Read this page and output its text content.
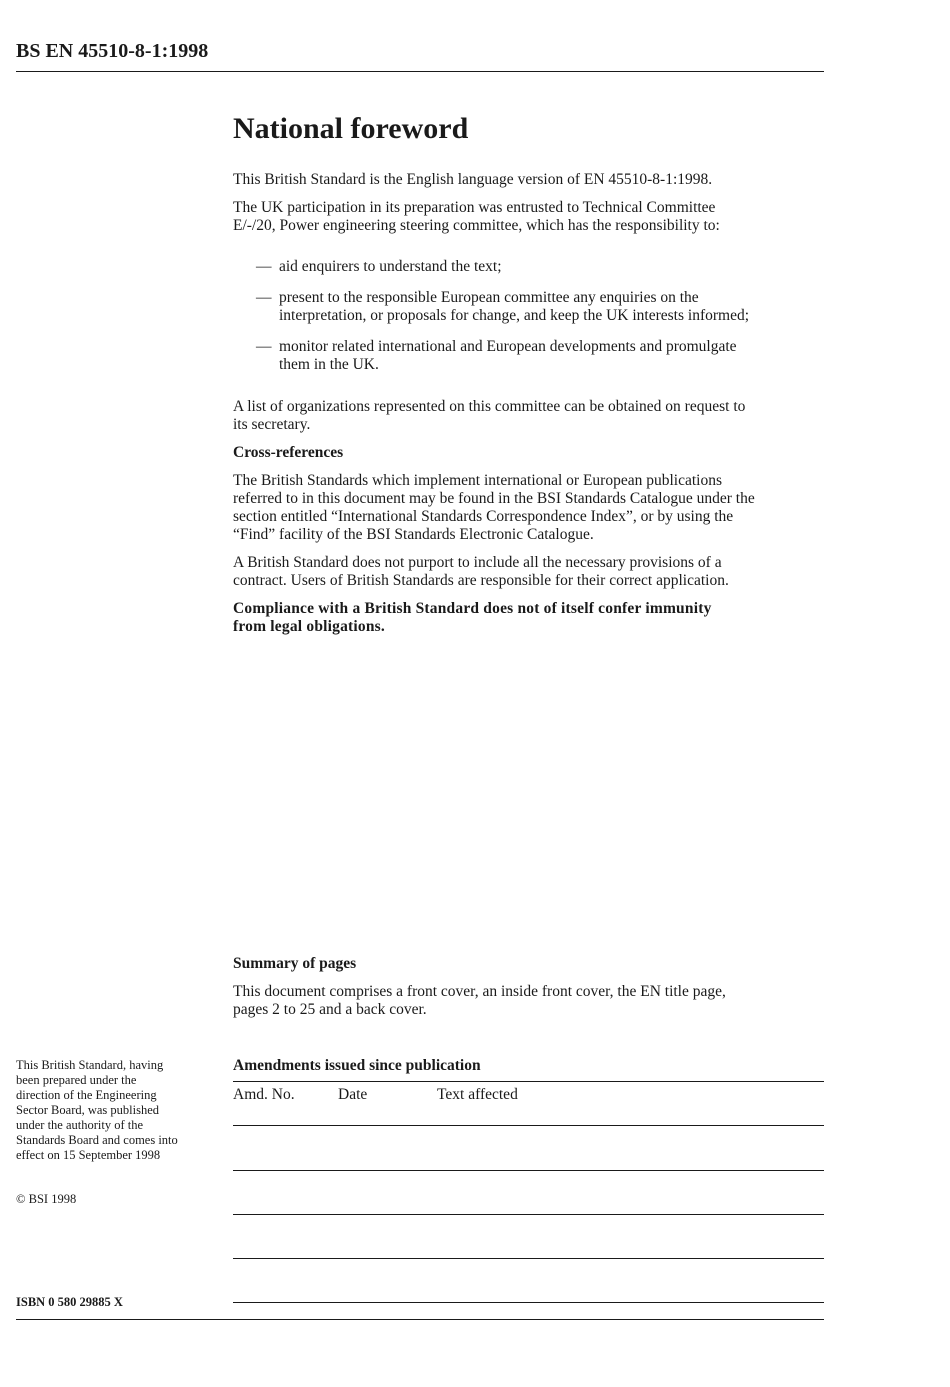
BS EN 45510-8-1:1998
National foreword
This British Standard is the English language version of EN 45510-8-1:1998.
The UK participation in its preparation was entrusted to Technical Committee
E/-/20, Power engineering steering committee, which has the responsibility to:
— aid enquirers to understand the text;
— present to the responsible European committee any enquiries on the
interpretation, or proposals for change, and keep the UK interests informed;
— monitor related international and European developments and promulgate
them in the UK.
A list of organizations represented on this committee can be obtained on request to
its secretary.
Cross-references
The British Standards which implement international or European publications
referred to in this document may be found in the BSI Standards Catalogue under the
section entitled “International Standards Correspondence Index”, or by using the
“Find” facility of the BSI Standards Electronic Catalogue.
A British Standard does not purport to include all the necessary provisions of a
contract. Users of British Standards are responsible for their correct application.
Compliance with a British Standard does not of itself confer immunity
from legal obligations.
Summary of pages
This document comprises a front cover, an inside front cover, the EN title page,
pages 2 to 25 and a back cover.
Amendments issued since publication
Amd. No.	Date	Text affected
This British Standard, having
been prepared under the
direction of the Engineering
Sector Board, was published
under the authority of the
Standards Board and comes into
effect on 15 September 1998
© BSI 1998
ISBN 0 580 29885 X
